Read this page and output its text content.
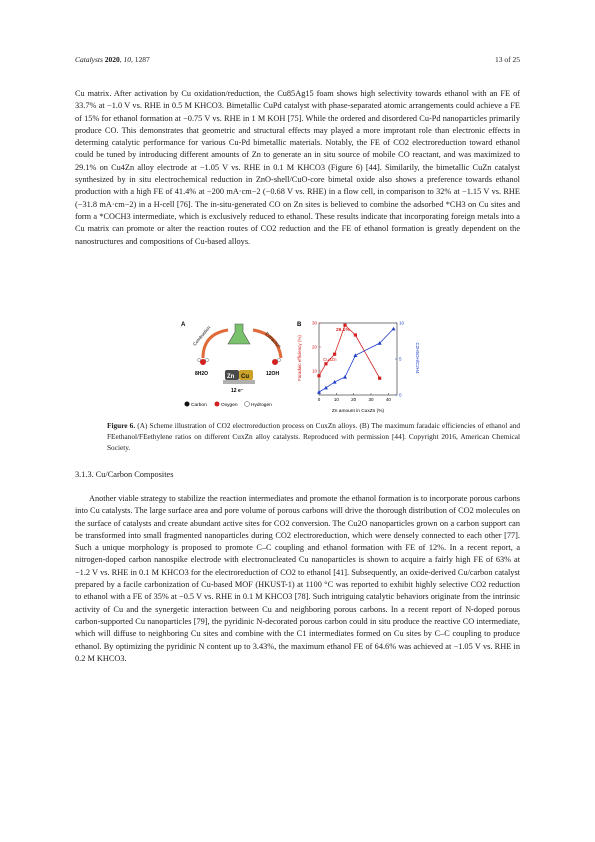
Catalysts 2020, 10, 1287	13 of 25

Cu matrix. After activation by Cu oxidation/reduction, the Cu85Ag15 foam shows high selectivity towards ethanol with an FE of 33.7% at −1.0 V vs. RHE in 0.5 M KHCO3. Bimetallic CuPd catalyst with phase-separated atomic arrangements could achieve a FE of 15% for ethanol formation at −0.75 V vs. RHE in 1 M KOH [75]. While the ordered and disordered Cu-Pd nanoparticles primarily produce CO. This demonstrates that geometric and structural effects may played a more improtant role than electronic effects in determing catalytic performance for various Cu-Pd bimetallic materials. Notably, the FE of CO2 electroreduction toward ethanol could be tuned by introducing different amounts of Zn to generate an in situ source of mobile CO reactant, and was maximized to 29.1% on Cu4Zn alloy electrode at −1.05 V vs. RHE in 0.1 M KHCO3 (Figure 6) [44]. Similarily, the bimetallic CuZn catalyst synthesized by in situ electrochemical reduction in ZnO-shell/CuO-core bimetal oxide also shows a preference towards ethanol production with a high FE of 41.4% at −200 mA·cm−2 (−0.68 V vs. RHE) in a flow cell, in comparison to 32% at −1.15 V vs. RHE (−31.8 mA·cm−2) in a H-cell [76]. The in-situ-generated CO on Zn sites is believed to combine the adsorbed *CH3 on Cu sites and form a *COCH3 intermediate, which is exclusively reduced to ethanol. These results indicate that incorporating foreign metals into a Cu matrix can promote or alter the reaction routes of CO2 reduction and the FE of ethanol formation is greatly dependent on the nanostructures and compositions of Cu-based alloys.

A
Combustion	Extraction
8H2O	12OH
Zn Cu
12 e⁻
Carbon	Oxygen	Hydrogen
B
0	10	20	30	40
10
20
30
0
5
10
Faradaic efficiency (%)	C2H5OH/C2H4
Zn amount in CuxZn (%)
29.1%
Cu4Zn

Figure 6. (A) Scheme illustration of CO2 electroreduction process on CuxZn alloys. (B) The maximum faradaic efficiencies of ethanol and FEethanol/FEethylene ratios on different CuxZn alloy catalysts. Reproduced with permission [44]. Copyright 2016, American Chemical Society.

3.1.3. Cu/Carbon Composites

Another viable strategy to stabilize the reaction intermediates and promote the ethanol formation is to incorporate porous carbons into Cu catalysts. The large surface area and pore volume of porous carbons will drive the thorough distribution of CO2 molecules on the surface of catalysts and create abundant active sites for CO2 conversion. The Cu2O nanoparticles grown on a carbon support can be transformed into small fragmented nanoparticles during CO2 electroreduction, which were densely connected to each other [77]. Such a unique morphology is proposed to promote C–C coupling and ethanol formation with FE of 12%. In a recent report, a nitrogen-doped carbon nanospike electrode with electronucleated Cu nanoparticles is shown to acquire a fairly high FE of 63% at −1.2 V vs. RHE in 0.1 M KHCO3 for the electroreduction of CO2 to ethanol [41]. Subsequently, an oxide-derived Cu/carbon catalyst prepared by a facile carbonization of Cu-based MOF (HKUST-1) at 1100 °C was reported to exhibit highly selective CO2 reduction to ethanol with a FE of 35% at −0.5 V vs. RHE in 0.1 M KHCO3 [78]. Such intriguing catalytic behaviors originate from the intrinsic activity of Cu and the synergetic interaction between Cu and neighboring porous carbons. In a recent report of N-doped porous carbon-supported Cu nanoparticles [79], the pyridinic N-decorated porous carbon could in situ produce the reactive CO intermediate, which will diffuse to neighboring Cu sites and combine with the C1 intermediates formed on Cu sites by C–C coupling to produce ethanol. By optimizing the pyridinic N content up to 3.43%, the maximum ethanol FE of 64.6% was achieved at −1.05 V vs. RHE in 0.2 M KHCO3.
